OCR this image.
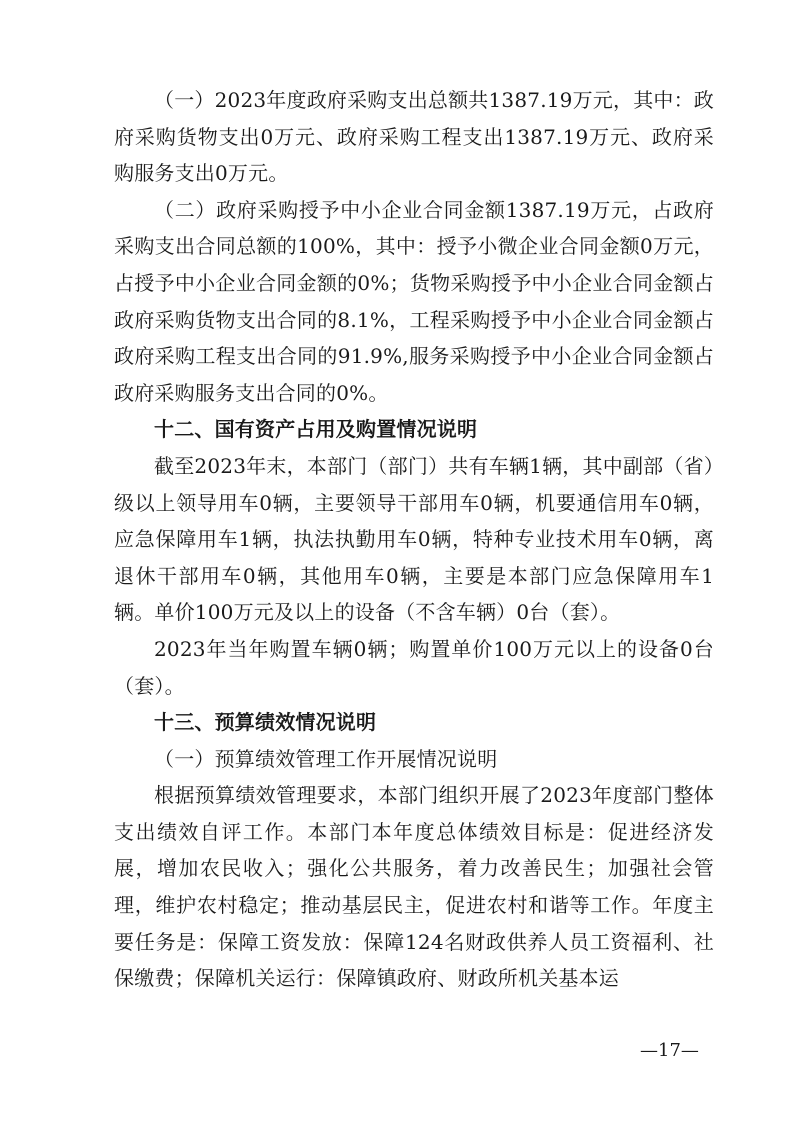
（一）2023年度政府采购支出总额共1387.19万元，其中：政府采购货物支出0万元、政府采购工程支出1387.19万元、政府采购服务支出0万元。

（二）政府采购授予中小企业合同金额1387.19万元，占政府采购支出合同总额的100%，其中：授予小微企业合同金额0万元，占授予中小企业合同金额的0%；货物采购授予中小企业合同金额占政府采购货物支出合同的8.1%，工程采购授予中小企业合同金额占政府采购工程支出合同的91.9%,服务采购授予中小企业合同金额占政府采购服务支出合同的0%。

十二、国有资产占用及购置情况说明

截至2023年末，本部门（部门）共有车辆1辆，其中副部（省）级以上领导用车0辆，主要领导干部用车0辆，机要通信用车0辆，应急保障用车1辆，执法执勤用车0辆，特种专业技术用车0辆，离退休干部用车0辆，其他用车0辆，主要是本部门应急保障用车1辆。单价100万元及以上的设备（不含车辆）0台（套）。

2023年当年购置车辆0辆；购置单价100万元以上的设备0台（套）。

十三、预算绩效情况说明

（一）预算绩效管理工作开展情况说明

根据预算绩效管理要求，本部门组织开展了2023年度部门整体支出绩效自评工作。本部门本年度总体绩效目标是：促进经济发展，增加农民收入；强化公共服务，着力改善民生；加强社会管理，维护农村稳定；推动基层民主，促进农村和谐等工作。年度主要任务是：保障工资发放：保障124名财政供养人员工资福利、社保缴费；保障机关运行：保障镇政府、财政所机关基本运

—17—
